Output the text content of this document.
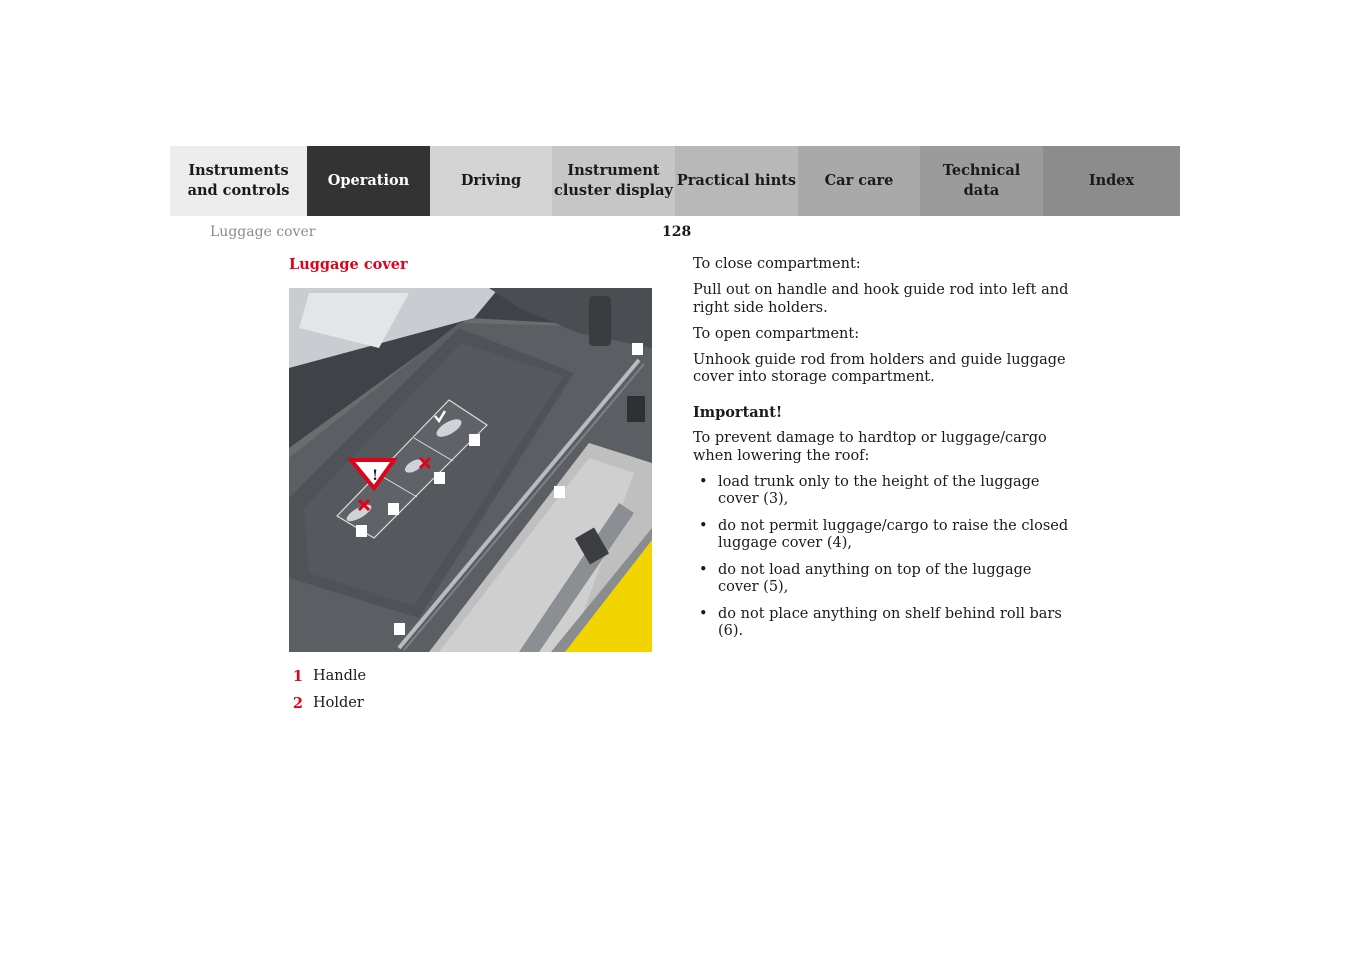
Instruments
and controls
Operation	Driving
Instrument
cluster display
Practical hints	Car care
Technical
data
Index
Luggage cover	128
Luggage cover
!
1 Handle
2 Holder

To close compartment:

Pull out on handle and hook guide rod into left and right side holders.

To open compartment:

Unhook guide rod from holders and guide luggage cover into storage compartment.

Important!

To prevent damage to hardtop or luggage/cargo when lowering the roof:

• load trunk only to the height of the luggage cover (3),
• do not permit luggage/cargo to raise the closed luggage cover (4),
• do not load anything on top of the luggage cover (5),
• do not place anything on shelf behind roll bars (6).
